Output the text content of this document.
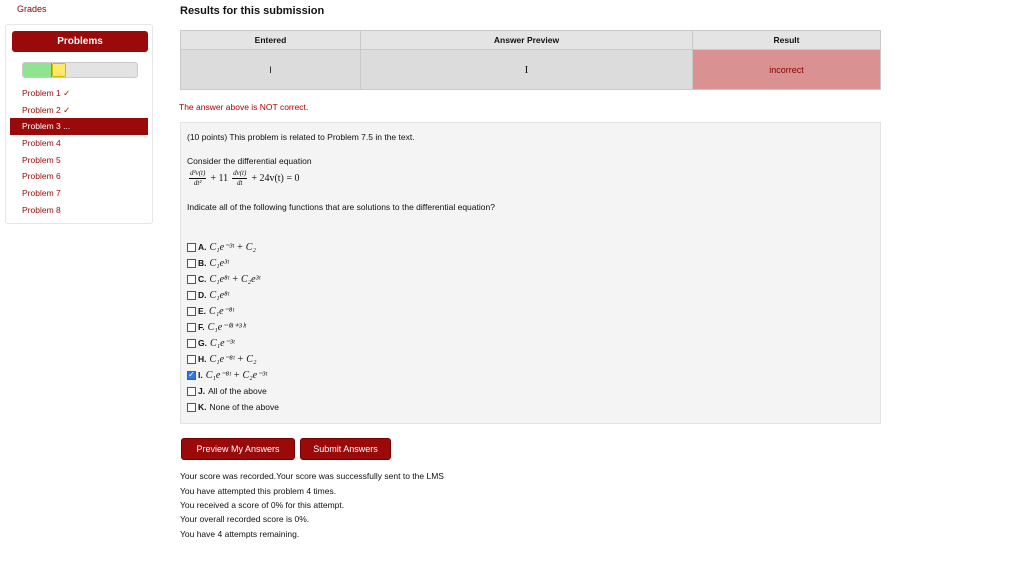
Grades
Problems
Problem 1 ✓
Problem 2 ✓
Problem 3 ...
Problem 4
Problem 5
Problem 6
Problem 7
Problem 8
Results for this submission
Entered	Answer Preview	Result
I	I	incorrect
The answer above is NOT correct.
(10 points) This problem is related to Problem 7.5 in the text.
Consider the differential equation
$\frac{\text{d²v(t)}}{\text{dt²}} + 11 \frac{dv(t)}{dt} + 24v(t) = 0$
Indicate all of the following functions that are solutions to the differential equation?
A. C₁e⁻³ᵗ + C₂
B. C₁e³ᵗ
C. C₁e⁸ᵗ + C₂e³ᵗ
D. C₁e⁸ᵗ
E. C₁e⁻⁸ᵗ
F. C₁e⁻⁽⁸⁺³⁾ᵗ
G. C₁e⁻³ᵗ
H. C₁e⁻⁸ᵗ + C₂
✓ I. C₁e⁻⁸ᵗ + C₂e⁻³ᵗ
J. All of the above
K. None of the above
Preview My Answers	Submit Answers
Your score was recorded.Your score was successfully sent to the LMS
You have attempted this problem 4 times.
You received a score of 0% for this attempt.
Your overall recorded score is 0%.
You have 4 attempts remaining.
